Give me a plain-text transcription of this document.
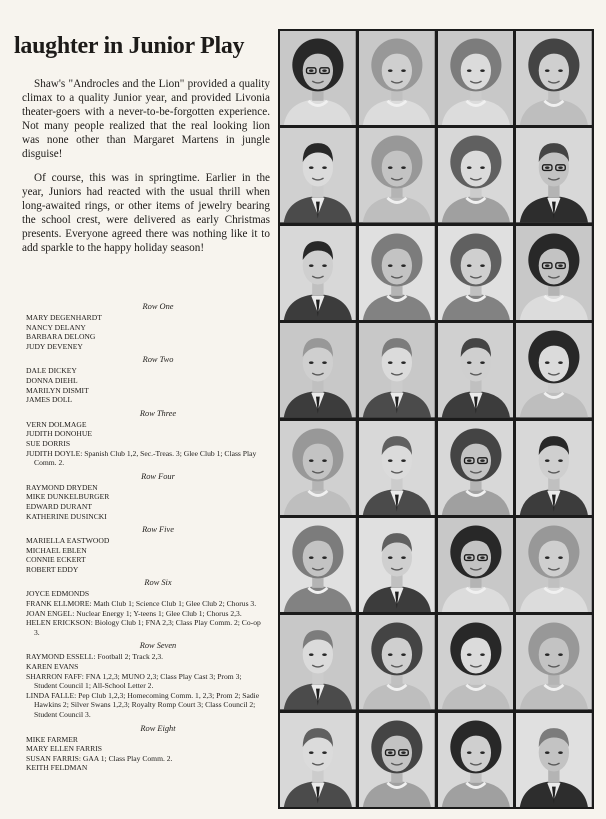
laughter in Junior Play

Shaw's "Androcles and the Lion" provided a quality climax to a quality Junior year, and provided Livonia theater-goers with a never-to-be-forgotten experience. Not many people realized that the real looking lion was none other than Margaret Martens in jungle disguise!

Of course, this was in springtime. Earlier in the year, Juniors had reacted with the usual thrill when long-awaited rings, or other items of jewelry bearing the school crest, were delivered as early Christmas presents. Everyone agreed there was nothing like it to add sparkle to the happy holiday season!

Row One

MARY DEGENHARDT

NANCY DELANY

BARBARA DELONG

JUDY DEVENEY

Row Two

DALE DICKEY

DONNA DIEHL

MARILYN DISMIT

JAMES DOLL

Row Three

VERN DOLMAGE

JUDITH DONOHUE

SUE DORRIS

JUDITH DOYLE: Spanish Club 1,2, Sec.-Treas. 3; Glee Club 1; Class Play Comm. 2.

Row Four

RAYMOND DRYDEN

MIKE DUNKELBURGER

EDWARD DURANT

KATHERINE DUSINCKI

Row Five

MARIELLA EASTWOOD

MICHAEL EBLEN

CONNIE ECKERT

ROBERT EDDY

Row Six

JOYCE EDMONDS

FRANK ELLMORE: Math Club 1; Science Club 1; Glee Club 2; Chorus 3.

JOAN ENGEL: Nuclear Energy 1; Y-teens 1; Glee Club 1; Chorus 2,3.

HELEN ERICKSON: Biology Club 1; FNA 2,3; Class Play Comm. 2; Co-op 3.

Row Seven

RAYMOND ESSELL: Football 2; Track 2,3.

KAREN EVANS

SHARRON FAFF: FNA 1,2,3; MUNO 2,3; Class Play Cast 3; Prom 3; Student Council 1; All-School Letter 2.

LINDA FALLE: Pep Club 1,2,3; Homecoming Comm. 1, 2,3; Prom 2; Sadie Hawkins 2; Silver Swans 1,2,3; Royalty Romp Court 3; Class Council 2; Student Council 3.

Row Eight

MIKE FARMER

MARY ELLEN FARRIS

SUSAN FARRIS: GAA 1; Class Play Comm. 2.

KEITH FELDMAN
